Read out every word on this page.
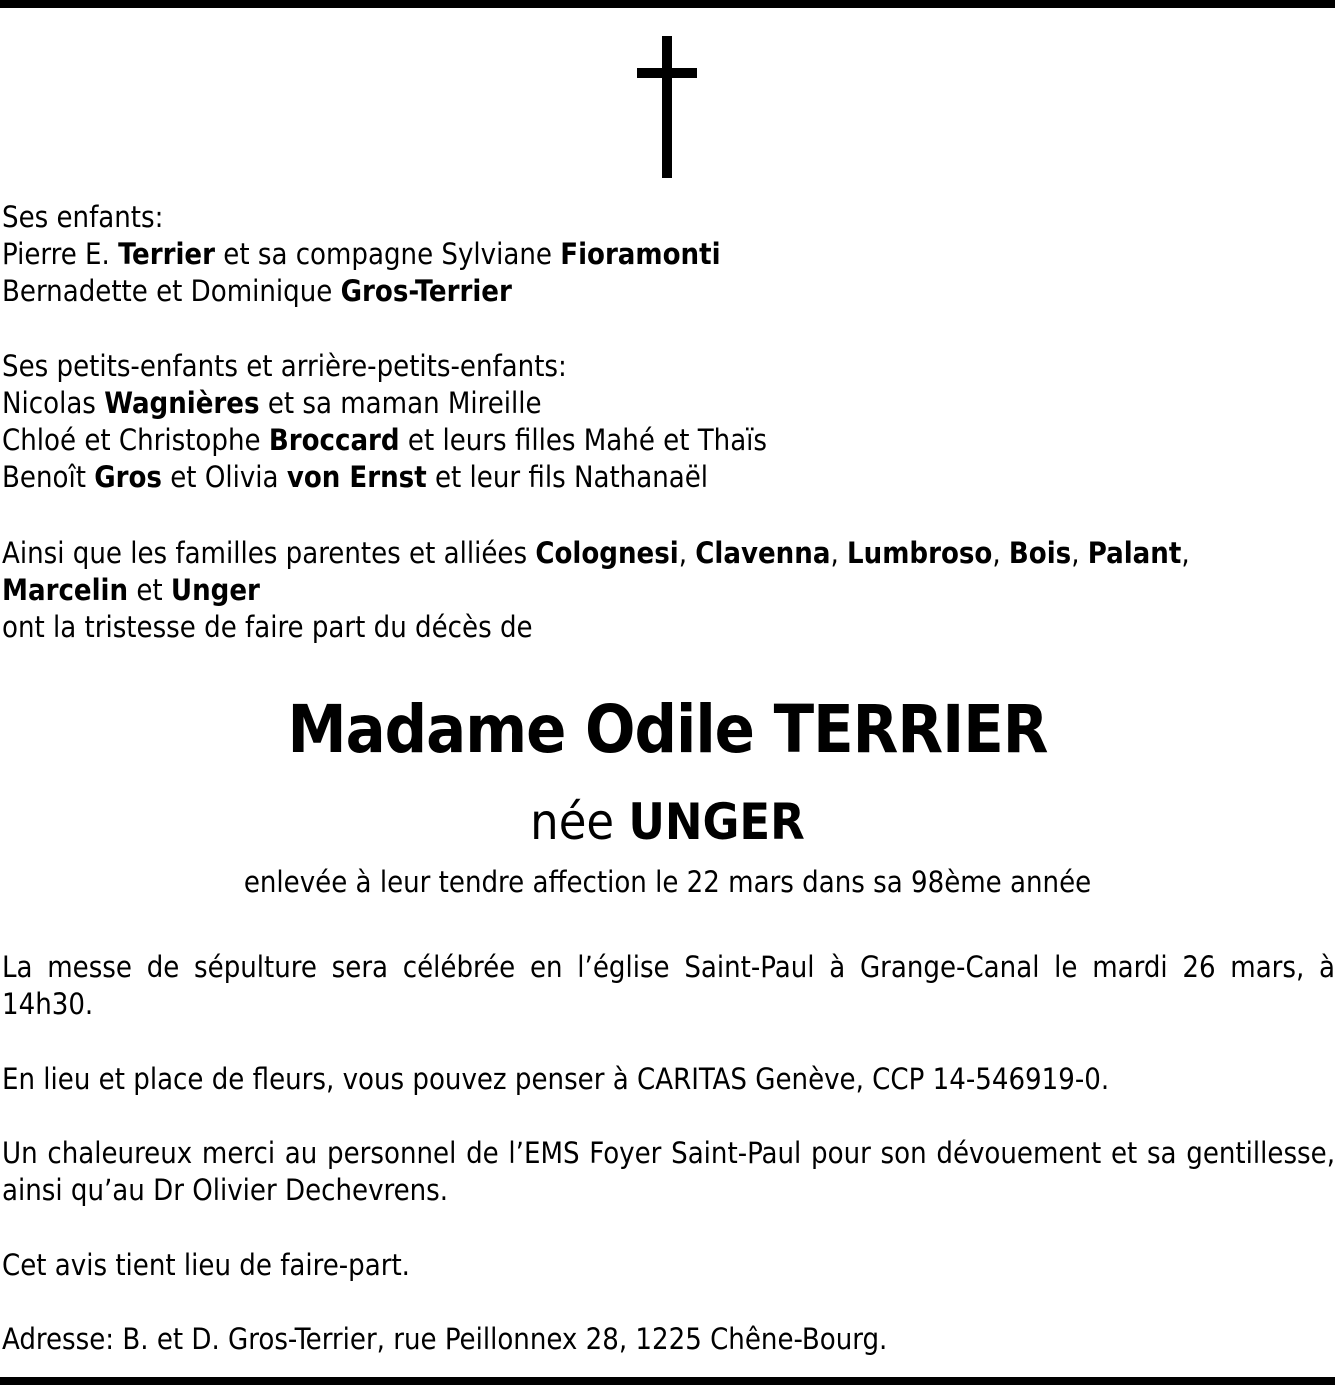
Ses enfants:
Pierre E. Terrier et sa compagne Sylviane Fioramonti
Bernadette et Dominique Gros-Terrier
Ses petits-enfants et arrière-petits-enfants:
Nicolas Wagnières et sa maman Mireille
Chloé et Christophe Broccard et leurs filles Mahé et Thaïs
Benoît Gros et Olivia von Ernst et leur fils Nathanaël
Ainsi que les familles parentes et alliées Colognesi, Clavenna, Lumbroso, Bois, Palant,
Marcelin et Unger
ont la tristesse de faire part du décès de
Madame Odile TERRIER
née UNGER
enlevée à leur tendre affection le 22 mars dans sa 98ème année
La messe de sépulture sera célébrée en l’église Saint-Paul à Grange-Canal le mardi 26 mars, à 14h30.
En lieu et place de fleurs, vous pouvez penser à CARITAS Genève, CCP 14-546919-0.
Un chaleureux merci au personnel de l’EMS Foyer Saint-Paul pour son dévouement et sa gentillesse, ainsi qu’au Dr Olivier Dechevrens.
Cet avis tient lieu de faire-part.
Adresse: B. et D. Gros-Terrier, rue Peillonnex 28, 1225 Chêne-Bourg.
